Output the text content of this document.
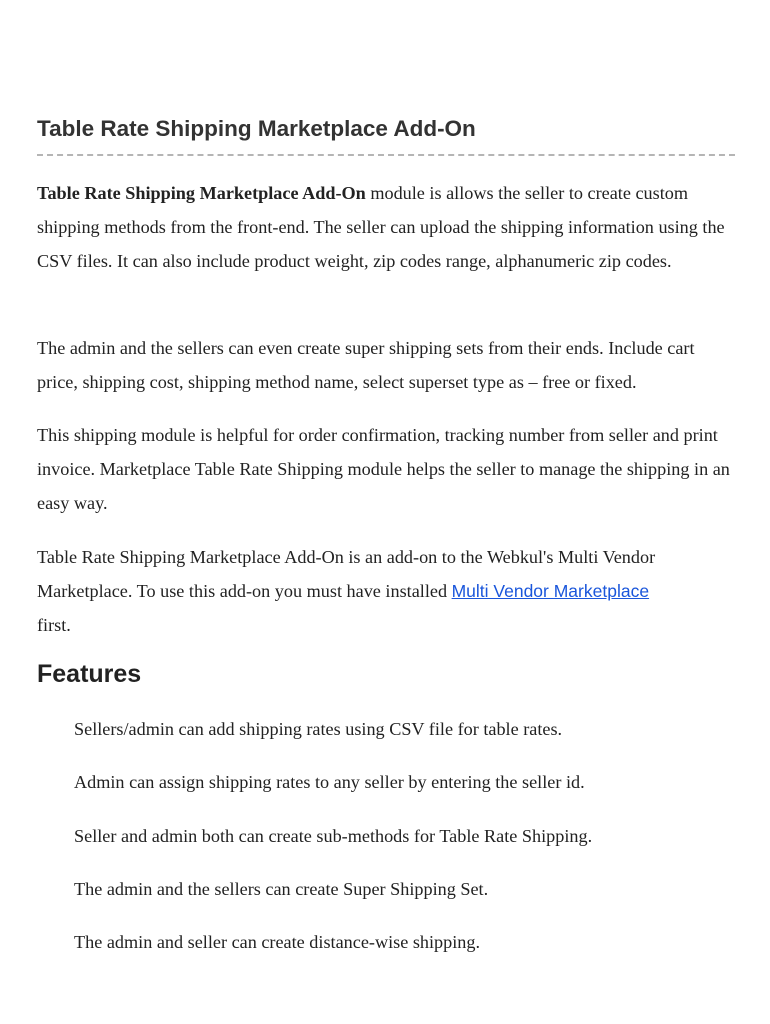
Table Rate Shipping Marketplace Add-On

Table Rate Shipping Marketplace Add-On module is allows the seller to create custom shipping methods from the front-end. The seller can upload the shipping information using the CSV files. It can also include product weight, zip codes range, alphanumeric zip codes.

The admin and the sellers can even create super shipping sets from their ends. Include cart price, shipping cost, shipping method name, select superset type as – free or fixed.

This shipping module is helpful for order confirmation, tracking number from seller and print invoice. Marketplace Table Rate Shipping module helps the seller to manage the shipping in an easy way.

Table Rate Shipping Marketplace Add-On is an add-on to the Webkul's Multi Vendor Marketplace. To use this add-on you must have installed Multi Vendor Marketplace
first.

Features
Sellers/admin can add shipping rates using CSV file for table rates.
Admin can assign shipping rates to any seller by entering the seller id.
Seller and admin both can create sub-methods for Table Rate Shipping.
The admin and the sellers can create Super Shipping Set.
The admin and seller can create distance-wise shipping.
